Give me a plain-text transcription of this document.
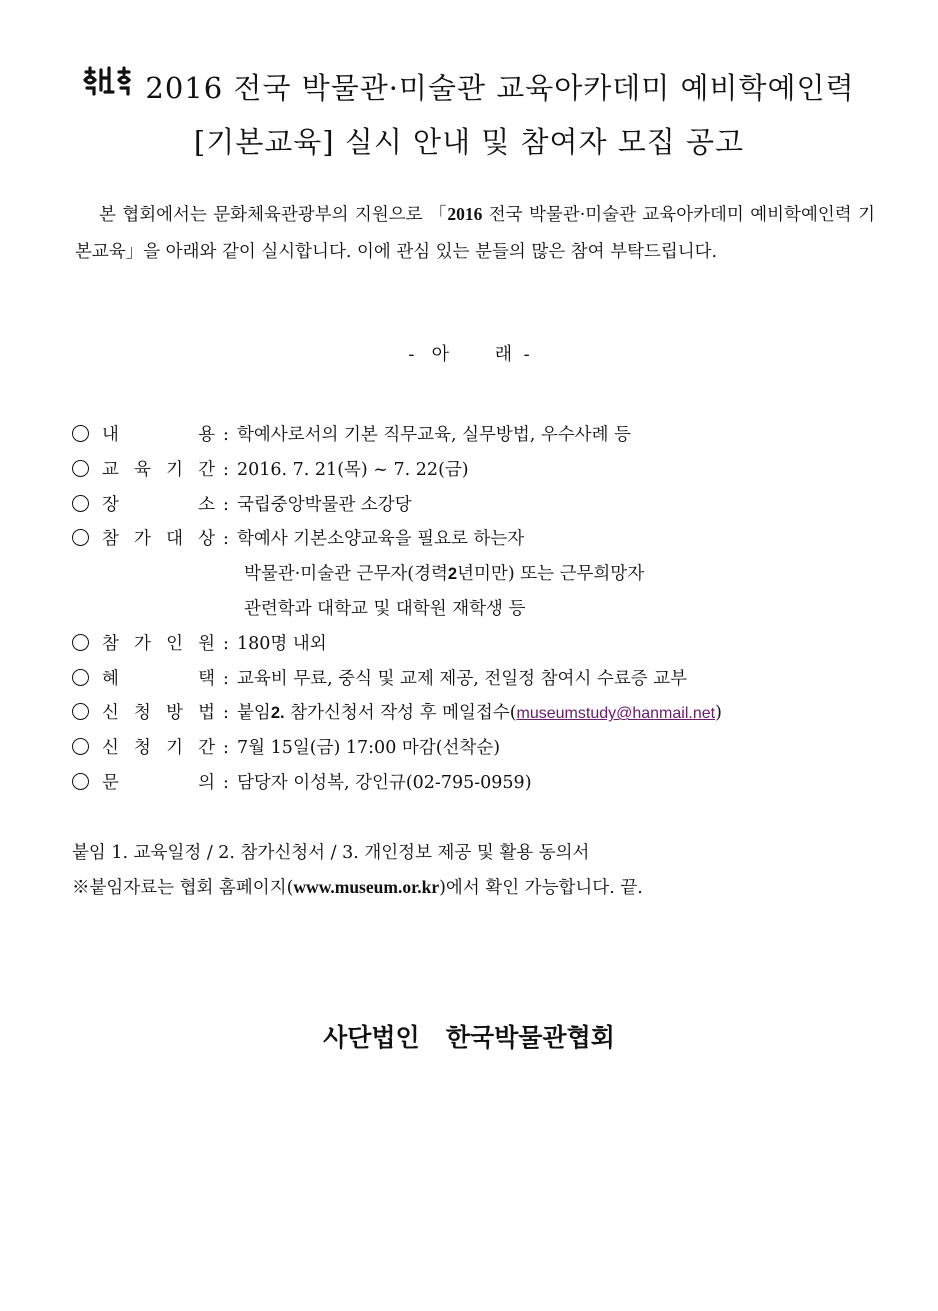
2016 전국 박물관·미술관 교육아카데미 예비학예인력
[기본교육] 실시 안내 및 참여자 모집 공고
본 협회에서는 문화체육관광부의 지원으로 「2016 전국 박물관·미술관 교육아카데미 예비학예인력 기본교육」을 아래와 같이 실시합니다. 이에 관심 있는 분들의 많은 참여 부탁드립니다.
-   아        래  -
내	용 : 학예사로서의 기본 직무교육, 실무방법, 우수사례 등
교 육 기 간 : 2016. 7. 21(목) ~ 7. 22(금)
장	소 : 국립중앙박물관 소강당
참 가 대 상 : 학예사 기본소양교육을 필요로 하는자
박물관·미술관 근무자(경력 2 년미만) 또는 근무희망자
관련학과 대학교 및 대학원 재학생 등
참 가 인 원 : 180명 내외
혜	택 : 교육비 무료, 중식 및 교제 제공, 전일정 참여시 수료증 교부
신 청 방 법 : 붙임2. 참가신청서 작성 후 메일접수(museumstudy@hanmail.net)
신 청 기 간 : 7월 15일(금) 17:00 마감(선착순)
문	의 : 담당자 이성복, 강인규(02-795-0959)
붙임 1. 교육일정 / 2. 참가신청서 / 3. 개인정보 제공 및 활용 동의서
※붙임자료는 협회 홈페이지(www.museum.or.kr)에서 확인 가능합니다. 끝.
사단법인   한국박물관협회
